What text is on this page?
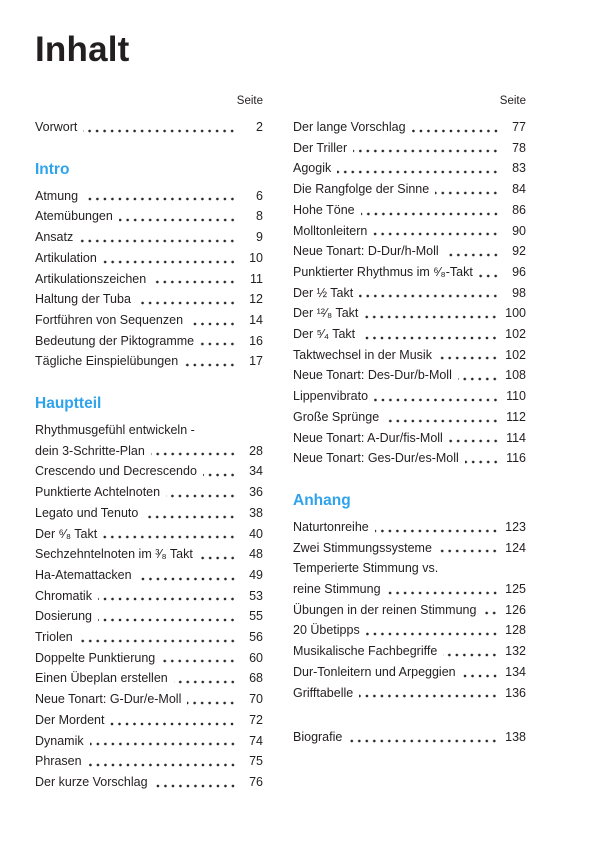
Inhalt
Seite
Vorwort	2
Intro
Atmung	6
Atemübungen	8
Ansatz	9
Artikulation	10
Artikulationszeichen	11
Haltung der Tuba	12
Fortführen von Sequenzen	14
Bedeutung der Piktogramme	16
Tägliche Einspielübungen	17
Hauptteil
Rhythmusgefühl entwickeln -
dein 3-Schritte-Plan	28
Crescendo und Decrescendo	34
Punktierte Achtelnoten	36
Legato und Tenuto	38
Der ⁶⁄₈ Takt	40
Sechzehntelnoten im ³⁄₈ Takt	48
Ha-Atemattacken	49
Chromatik	53
Dosierung	55
Triolen	56
Doppelte Punktierung	60
Einen Übeplan erstellen	68
Neue Tonart: G-Dur/e-Moll	70
Der Mordent	72
Dynamik	74
Phrasen	75
Der kurze Vorschlag	76
Seite
Der lange Vorschlag	77
Der Triller	78
Agogik	83
Die Rangfolge der Sinne	84
Hohe Töne	86
Molltonleitern	90
Neue Tonart: D-Dur/h-Moll	92
Punktierter Rhythmus im ⁶⁄₈-Takt	96
Der ½ Takt	98
Der ¹²⁄₈ Takt	100
Der ⁵⁄₄ Takt	102
Taktwechsel in der Musik	102
Neue Tonart: Des-Dur/b-Moll	108
Lippenvibrato	110
Große Sprünge	112
Neue Tonart: A-Dur/fis-Moll	114
Neue Tonart: Ges-Dur/es-Moll	116
Anhang
Naturtonreihe	123
Zwei Stimmungssysteme	124
Temperierte Stimmung vs.
reine Stimmung	125
Übungen in der reinen Stimmung 126
20 Übetipps	128
Musikalische Fachbegriffe	132
Dur-Tonleitern und Arpeggien	134
Grifftabelle	136
Biografie	138
